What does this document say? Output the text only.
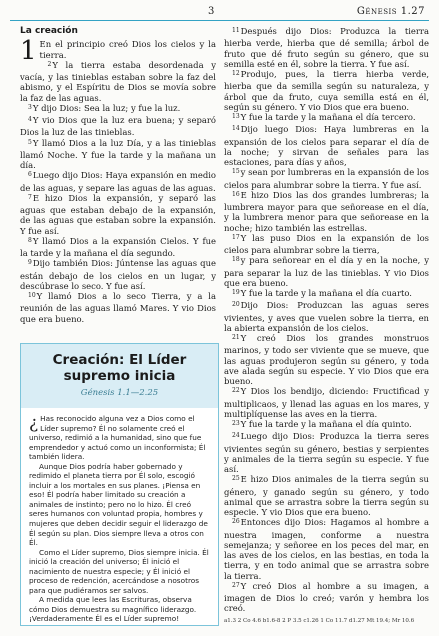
3	Génesis 1.27
La creación

1 En el principio creó Dios los cielos y la tierra.

$^2$Y la tierra estaba desordenada y vacía, y las tinieblas estaban sobre la faz del abismo, y el Espíritu de Dios se movía sobre la faz de las aguas.

$^3$Y dijo Dios: Sea la luz; y fue la luz.

$^4$Y vio Dios que la luz era buena; y separó Dios la luz de las tinieblas.

$^5$Y llamó Dios a la luz Día, y a las tinieblas llamó Noche. Y fue la tarde y la mañana un día.

$^6$Luego dijo Dios: Haya expansión en medio de las aguas, y separe las aguas de las aguas.

$^7$E hizo Dios la expansión, y separó las aguas que estaban debajo de la expansión, de las aguas que estaban sobre la expansión. Y fue así.

$^8$Y llamó Dios a la expansión Cielos. Y fue la tarde y la mañana el día segundo.

$^9$Dijo también Dios: Júntense las aguas que están debajo de los cielos en un lugar, y descúbrase lo seco. Y fue así.

$^{10}$Y llamó Dios a lo seco Tierra, y a la reunión de las aguas llamó Mares. Y vio Dios que era bueno.

Creación: El Líder supremo inicia
Génesis 1.1—2.25

¿ Has reconocido alguna vez a Dios como el Líder supremo? Él no solamente creó el universo, redimió a la humanidad, sino que fue emprendedor y actuó como un inconformista; Él también lidera.

Aunque Dios podría haber gobernado y redimido el planeta tierra por Él solo, escogió incluir a los mortales en sus planes. ¡Piensa en eso! Él podría haber limitado su creación a animales de instinto; pero no lo hizo. Él creó seres humanos con voluntad propia, hombres y mujeres que deben decidir seguir el liderazgo de Él según su plan. Dios siempre lleva a otros con Él.

Como el Líder supremo, Dios siempre inicia. Él inició la creación del universo; Él inició el nacimiento de nuestra especie; y Él inició el proceso de redención, acercándose a nosotros para que pudiéramos ser salvos.

A medida que lees las Escrituras, observa cómo Dios demuestra su magnífico liderazgo. ¡Verdaderamente Él es el Líder supremo!

$^{11}$Después dijo Dios: Produzca la tierra hierba verde, hierba que dé semilla; árbol de fruto que dé fruto según su género, que su semilla esté en él, sobre la tierra. Y fue así.

$^{12}$Produjo, pues, la tierra hierba verde, hierba que da semilla según su naturaleza, y árbol que da fruto, cuya semilla está en él, según su género. Y vio Dios que era bueno.

$^{13}$Y fue la tarde y la mañana el día tercero.

$^{14}$Dijo luego Dios: Haya lumbreras en la expansión de los cielos para separar el día de la noche; y sirvan de señales para las estaciones, para días y años,

$^{15}$y sean por lumbreras en la expansión de los cielos para alumbrar sobre la tierra. Y fue así.

$^{16}$E hizo Dios las dos grandes lumbreras; la lumbrera mayor para que señorease en el día, y la lumbrera menor para que señorease en la noche; hizo también las estrellas.

$^{17}$Y las puso Dios en la expansión de los cielos para alumbrar sobre la tierra,

$^{18}$y para señorear en el día y en la noche, y para separar la luz de las tinieblas. Y vio Dios que era bueno.

$^{19}$Y fue la tarde y la mañana el día cuarto.

$^{20}$Dijo Dios: Produzcan las aguas seres vivientes, y aves que vuelen sobre la tierra, en la abierta expansión de los cielos.

$^{21}$Y creó Dios los grandes monstruos marinos, y todo ser viviente que se mueve, que las aguas produjeron según su género, y toda ave alada según su especie. Y vio Dios que era bueno.

$^{22}$Y Dios los bendijo, diciendo: Fructificad y multiplicaos, y llenad las aguas en los mares, y multiplíquense las aves en la tierra.

$^{23}$Y fue la tarde y la mañana el día quinto.

$^{24}$Luego dijo Dios: Produzca la tierra seres vivientes según su género, bestias y serpientes y animales de la tierra según su especie. Y fue así.

$^{25}$E hizo Dios animales de la tierra según su género, y ganado según su género, y todo animal que se arrastra sobre la tierra según su especie. Y vio Dios que era bueno.

$^{26}$Entonces dijo Dios: Hagamos al hombre a nuestra imagen, conforme a nuestra semejanza; y señoree en los peces del mar, en las aves de los cielos, en las bestias, en toda la tierra, y en todo animal que se arrastra sobre la tierra.

$^{27}$Y creó Dios al hombre a su imagen, a imagen de Dios lo creó; varón y hembra los creó.

a1.3 2 Co 4.6 b1.6-8 2 P 3.5 c1.26 1 Co 11.7 d1.27 Mt 19.4; Mr 10.6
